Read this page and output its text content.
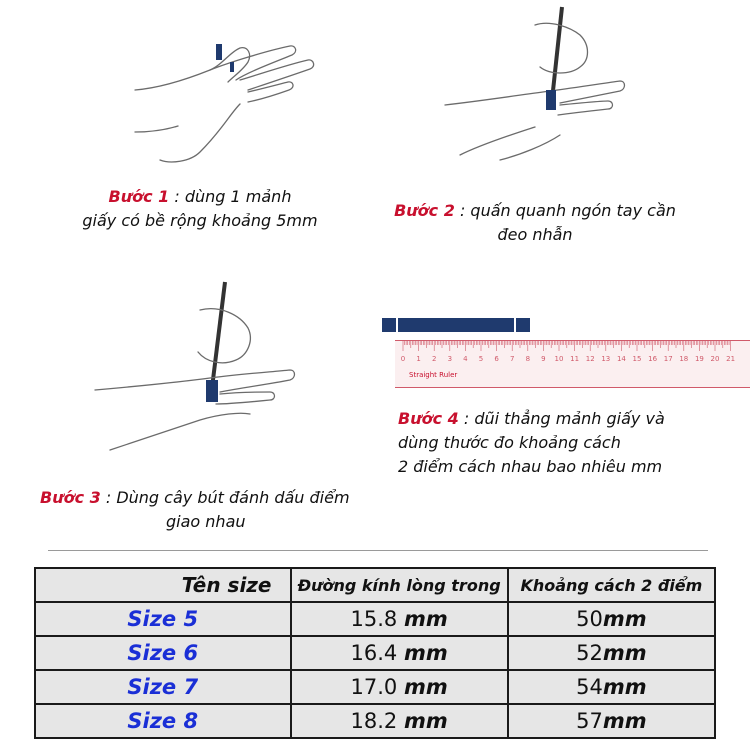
Bước 1 : dùng 1 mảnh
giấy có bề rộng khoảng 5mm
Bước 2 : quấn quanh ngón tay cần
đeo nhẫn
0 1 2 3 4 5 6 7 8 9 10 11 12 13 14 15 16 17 18 19 20 21
Straight Ruler
Bước 4 : dũi thẳng mảnh giấy và
dùng thước đo khoảng cách
2 điểm cách nhau bao nhiêu mm
Bước 3 : Dùng cây bút đánh dấu điểm
giao nhau
Tên size	Đường kính lòng trong	Khoảng cách 2 điểm
Size 5	15.8 mm	50mm
Size 6	16.4 mm	52mm
Size 7	17.0 mm	54mm
Size 8	18.2 mm	57mm
